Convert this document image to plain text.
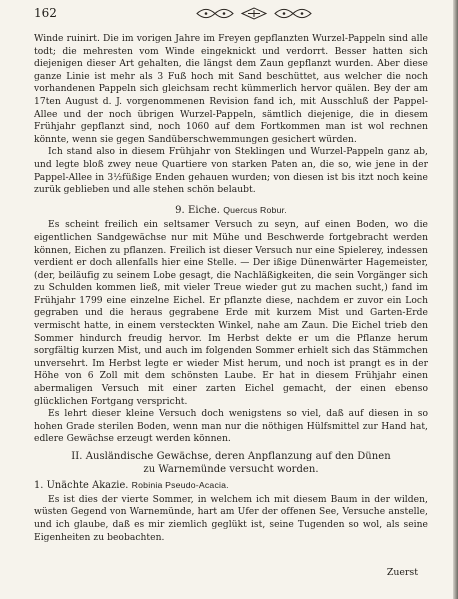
162

Winde ruinirt. Die im vorigen Jahre im Freyen gepflanzten Wurzel-Pappeln sind alle todt; die mehresten vom Winde eingeknickt und verdorrt. Besser hatten sich diejenigen dieser Art gehalten, die längst dem Zaun gepflanzt wurden. Aber diese ganze Linie ist mehr als 3 Fuß hoch mit Sand beschüttet, aus welcher die noch vorhandenen Pappeln sich gleichsam recht kümmerlich hervor quälen. Bey der am 17ten August d. J. vorgenommenen Revision fand ich, mit Ausschluß der Pappel-Allee und der noch übrigen Wurzel-Pappeln, sämtlich diejenige, die in diesem Frühjahr gepflanzt sind, noch 1060 auf dem Fortkommen man ist wol rechnen könnte, wenn sie gegen Sandüberschwemmungen gesichert würden.

Ich stand also in diesem Frühjahr von Steklingen und Wurzel-Pappeln ganz ab, und legte bloß zwey neue Quartiere von starken Paten an, die so, wie jene in der Pappel-Allee in 3½füßige Enden gehauen wurden; von diesen ist bis itzt noch keine zurük geblieben und alle stehen schön belaubt.

9. Eiche. Quercus Robur.

Es scheint freilich ein seltsamer Versuch zu seyn, auf einen Boden, wo die eigentlichen Sandgewächse nur mit Mühe und Beschwerde fortgebracht werden können, Eichen zu pflanzen. Freilich ist dieser Versuch nur eine Spielerey, indessen verdient er doch allenfalls hier eine Stelle. — Der ißige Dünenwärter Hagemeister, (der, beiläufig zu seinem Lobe gesagt, die Nachläßigkeiten, die sein Vorgänger sich zu Schulden kommen ließ, mit vieler Treue wieder gut zu machen sucht,) fand im Frühjahr 1799 eine einzelne Eichel. Er pflanzte diese, nachdem er zuvor ein Loch gegraben und die heraus gegrabene Erde mit kurzem Mist und Garten-Erde vermischt hatte, in einem versteckten Winkel, nahe am Zaun. Die Eichel trieb den Sommer hindurch freudig hervor. Im Herbst dekte er um die Pflanze herum sorgfältig kurzen Mist, und auch im folgenden Sommer erhielt sich das Stämmchen unversehrt. Im Herbst legte er wieder Mist herum, und noch ist prangt es in der Höhe von 6 Zoll mit dem schönsten Laube. Er hat in diesem Frühjahr einen abermaligen Versuch mit einer zarten Eichel gemacht, der einen ebenso glücklichen Fortgang verspricht.

Es lehrt dieser kleine Versuch doch wenigstens so viel, daß auf diesen in so hohen Grade sterilen Boden, wenn man nur die nöthigen Hülfsmittel zur Hand hat, edlere Gewächse erzeugt werden können.

II. Ausländische Gewächse, deren Anpflanzung auf den Dünen
zu Warnemünde versucht worden.
1. Unächte Akazie. Robinia Pseudo-Acacia.

Es ist dies der vierte Sommer, in welchem ich mit diesem Baum in der wilden, wüsten Gegend von Warnemünde, hart am Ufer der offenen See, Versuche anstelle, und ich glaube, daß es mir ziemlich geglükt ist, seine Tugenden so wol, als seine Eigenheiten zu beobachten.

Zuerst
